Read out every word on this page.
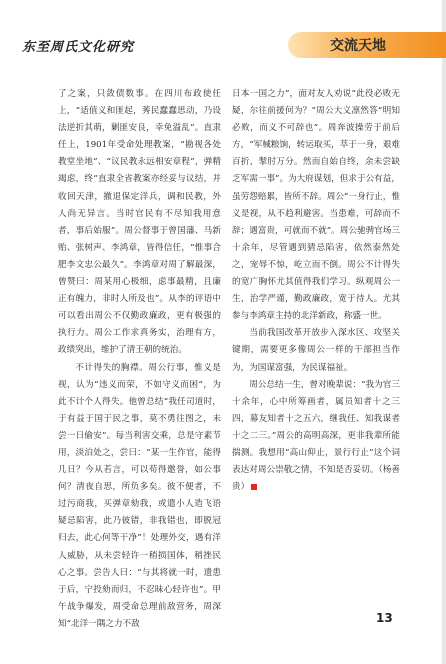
东至周氏文化研究	交流天地

了之案，只敛债数事。在四川布政使任上，“适值义和匪起，莠民蠢蠢思动，乃设法逆折其萌，剿匪安良，幸免溢乱”。直隶任上，1901年受命处理教案，“勘视各处教堂坐地”、“议民教永远相安章程”，弹精竭虑，终“直隶全省教案亦经妥与议结，并收回天津，撤退保定洋兵，调和民教，外人尚无异言。当时官民有不尽知我用意者，事后始服”。周公督事于曾国藩、马新贻、张树声、李鸿章，皆得信任，“惟事合肥李文忠公最久”。李鸿章对周了解最深，曾赞曰：周某用心极细，虑事最精，且廉正有魄力，非时人所及也”。从李的评语中可以看出周公不仅勤政廉政，更有极强的执行力。周公工作求真务实，治理有方，政绩突出，维护了清王朝的统治。

不计得失的胸襟。周公行事，惟义是视，认为“违义而荣，不如守义而困”，为此不计个人得失。他曾总结“我任司道时，于有益于国于民之事，莫不勇往图之，未尝一日偷安”。每当利害交乘，总是守素节用，淡泊处之，尝曰：“某一生作官，能得几日？今从若言，可以苟得邀誉，如公事何？清夜自思，所负多矣。彼不便者，不过污商我，买弹章劾我，或遣小人造飞语疑忌陷害，此乃彼错，非我错也，即脱冠归去，此心何等干净”！处理外交，遇有洋人威胁，从未尝轻许一稍损国体，稍挫民心之事。尝告人曰：“与其将就一时，遗患于后，宁投劾而归，不忍昧心轻许也”。甲午战争爆发，周受命总理前敌营务，周深知“北洋一隅之力不敌

日本一国之力”，面对友人劝说“此役必败无疑，尔往前援何为？”周公大义凛然答“明知必败，而义不可辞也”。周奔波操劳于前后方，“军械粮饷，转运取买，萃于一身，艰难百折，掣肘万分。然而自始自终，余未尝缺乏军需一事”。为大府谋划，但求于公有益，虽劳怨赔累，皆所不辞。周公“一身行止，惟义是视，从不趋利避害。当患难，可辞而不辞；遇富贵，可就而不就”。周公驰骋官场三十余年，尽管遇到猜忌陷害，依然泰然处之，宠辱不惊，屹立而不倒。周公不计得失的宽广胸怀尤其值得我们学习。纵观周公一生，治学严谨，勤政廉政，宽于待人。尤其参与李鸿章主持的北洋新政，称盛一世。

当前我国改革开放步入深水区、攻坚关键期，需要更多像周公一样的干部担当作为，为国谋富强，为民谋福祉。

周公总结一生，曾对晚辈说：“我为官三十余年，心中所筹画者，属员知者十之三四，幕友知者十之五六，继我任、知我谋者十之二三。”周公的高明高深，更非我辈所能揣测。我想用“高山仰止，景行行止”这个词表达对周公崇敬之情，不知是否妥切。（杨善贵）

13
